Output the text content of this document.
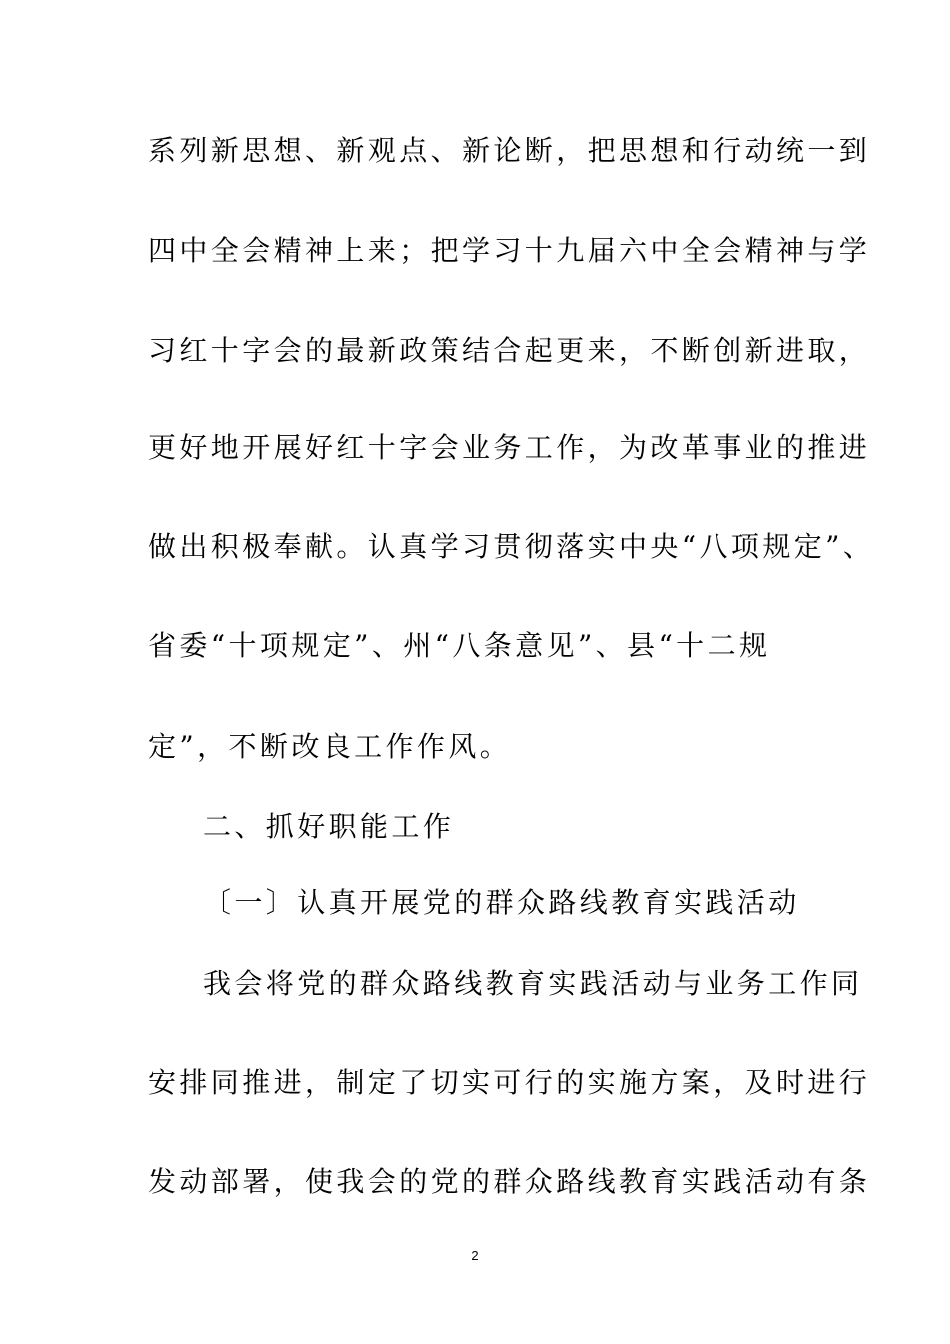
系列新思想、新观点、新论断，把思想和行动统一到
四中全会精神上来；把学习十九届六中全会精神与学
习红十字会的最新政策结合起更来，不断创新进取，
更好地开展好红十字会业务工作，为改革事业的推进
做出积极奉献。认真学习贯彻落实中央“八项规定”、
省委“十项规定”、州“八条意见”、县“十二规
定”，不断改良工作作风。
二、抓好职能工作
〔一〕认真开展党的群众路线教育实践活动
我会将党的群众路线教育实践活动与业务工作同
安排同推进，制定了切实可行的实施方案，及时进行
发动部署，使我会的党的群众路线教育实践活动有条
2
